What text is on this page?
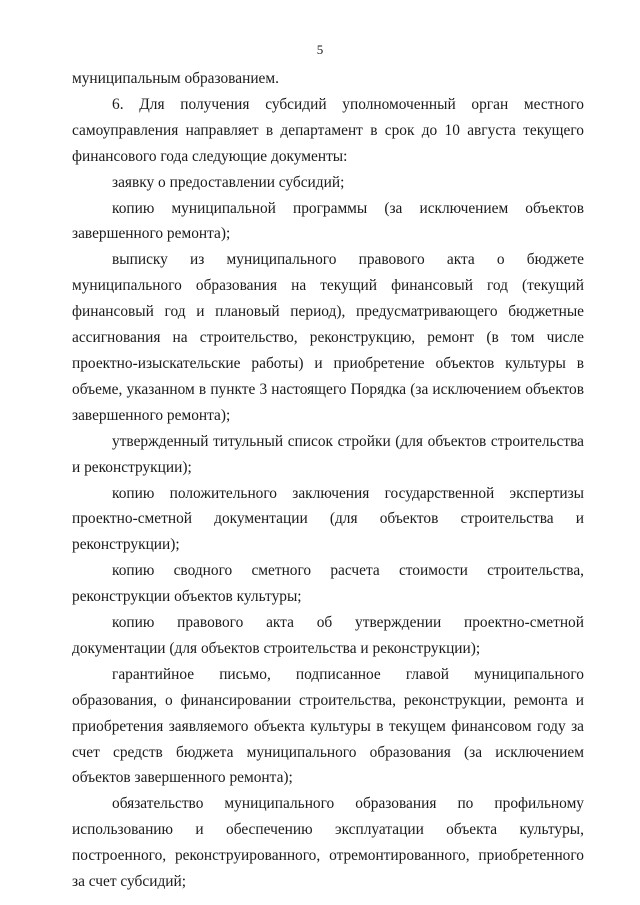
5

муниципальным образованием.

6. Для получения субсидий уполномоченный орган местного самоуправления направляет в департамент в срок до 10 августа текущего финансового года следующие документы:

заявку о предоставлении субсидий;

копию муниципальной программы (за исключением объектов завершенного ремонта);

выписку из муниципального правового акта о бюджете муниципального образования на текущий финансовый год (текущий финансовый год и плановый период), предусматривающего бюджетные ассигнования на строительство, реконструкцию, ремонт (в том числе проектно-изыскательские работы) и приобретение объектов культуры в объеме, указанном в пункте 3 настоящего Порядка (за исключением объектов завершенного ремонта);

утвержденный титульный список стройки (для объектов строительства и реконструкции);

копию положительного заключения государственной экспертизы проектно-сметной документации (для объектов строительства и реконструкции);

копию сводного сметного расчета стоимости строительства, реконструкции объектов культуры;

копию правового акта об утверждении проектно-сметной документации (для объектов строительства и реконструкции);

гарантийное письмо, подписанное главой муниципального образования, о финансировании строительства, реконструкции, ремонта и приобретения заявляемого объекта культуры в текущем финансовом году за счет средств бюджета муниципального образования (за исключением объектов завершенного ремонта);

обязательство муниципального образования по профильному использованию и обеспечению эксплуатации объекта культуры, построенного, реконструированного, отремонтированного, приобретенного за счет субсидий;
